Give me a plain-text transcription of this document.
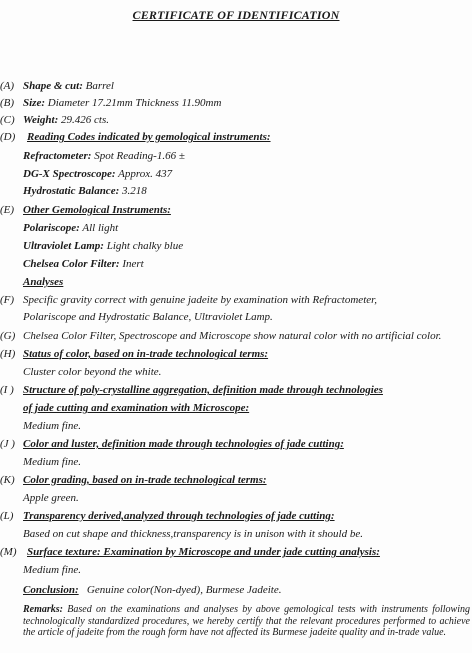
CERTIFICATE OF IDENTIFICATION
(A) Shape & cut: Barrel
(B) Size: Diameter 17.21mm Thickness 11.90mm
(C) Weight: 29.426 cts.
(D) Reading Codes indicated by gemological instruments:
Refractometer: Spot Reading-1.66 ±
DG-X Spectroscope: Approx. 437
Hydrostatic Balance: 3.218
(E) Other Gemological Instruments:
Polariscope: All light
Ultraviolet Lamp: Light chalky blue
Chelsea Color Filter: Inert
Analyses
(F) Specific gravity correct with genuine jadeite by examination with Refractometer,
Polariscope and Hydrostatic Balance, Ultraviolet Lamp.
(G) Chelsea Color Filter, Spectroscope and Microscope show natural color with no artificial color.
(H) Status of color, based on in-trade technological terms:
Cluster color beyond the white.
(I ) Structure of poly-crystalline aggregation, definition made through technologies
of jade cutting and examination with Microscope:
Medium fine.
(J ) Color and luster, definition made through technologies of jade cutting:
Medium fine.
(K) Color grading, based on in-trade technological terms:
Apple green.
(L) Transparency derived,analyzed through technologies of jade cutting:
Based on cut shape and thickness,transparency is in unison with it should be.
(M) Surface texture: Examination by Microscope and under jade cutting analysis:
Medium fine.
Conclusion: Genuine color(Non-dyed), Burmese Jadeite.
Remarks: Based on the examinations and analyses by above gemological tests with instruments following technologically standardized procedures, we hereby certify that the relevant procedures performed to achieve the article of jadeite from the rough form have not affected its Burmese jadeite quality and in-trade value.
